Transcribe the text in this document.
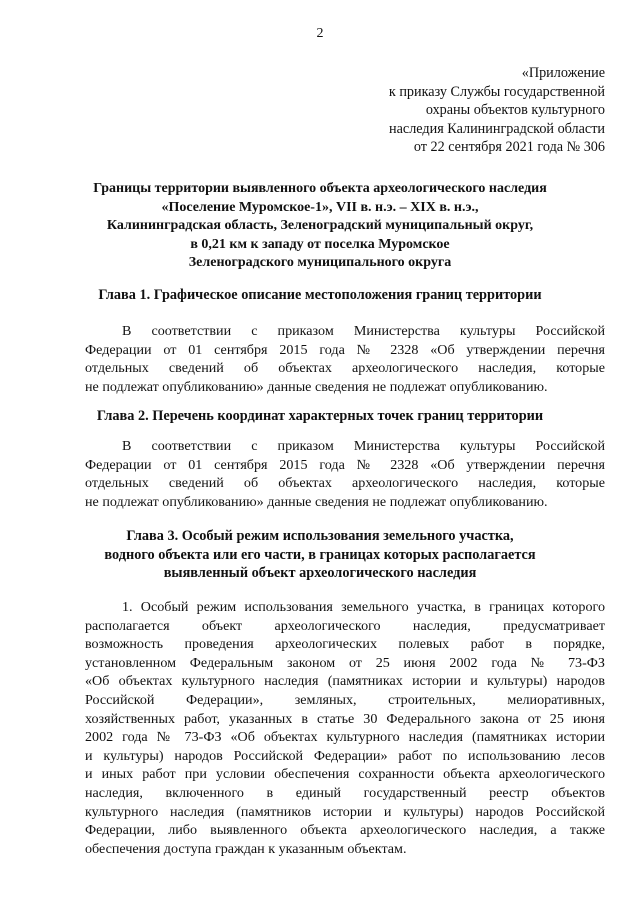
2
«Приложение
к приказу Службы государственной
охраны объектов культурного
наследия Калининградской области
от 22 сентября 2021 года № 306
Границы территории выявленного объекта археологического наследия
«Поселение Муромское-1», VII в. н.э. – XIX в. н.э.,
Калининградская область, Зеленоградский муниципальный округ,
в 0,21 км к западу от поселка Муромское
Зеленоградского муниципального округа
Глава 1. Графическое описание местоположения границ территории
В соответствии с приказом Министерства культуры Российской
Федерации от 01 сентября 2015 года № 2328 «Об утверждении перечня
отдельных сведений об объектах археологического наследия, которые
не подлежат опубликованию» данные сведения не подлежат опубликованию.
Глава 2. Перечень координат характерных точек границ территории
В соответствии с приказом Министерства культуры Российской
Федерации от 01 сентября 2015 года № 2328 «Об утверждении перечня
отдельных сведений об объектах археологического наследия, которые
не подлежат опубликованию» данные сведения не подлежат опубликованию.
Глава 3. Особый режим использования земельного участка,
водного объекта или его части, в границах которых располагается
выявленный объект археологического наследия
1. Особый режим использования земельного участка, в границах которого
располагается объект археологического наследия, предусматривает
возможность проведения археологических полевых работ в порядке,
установленном Федеральным законом от 25 июня 2002 года № 73-ФЗ
«Об объектах культурного наследия (памятниках истории и культуры) народов
Российской Федерации», земляных, строительных, мелиоративных,
хозяйственных работ, указанных в статье 30 Федерального закона от 25 июня
2002 года № 73-ФЗ «Об объектах культурного наследия (памятниках истории
и культуры) народов Российской Федерации» работ по использованию лесов
и иных работ при условии обеспечения сохранности объекта археологического
наследия, включенного в единый государственный реестр объектов
культурного наследия (памятников истории и культуры) народов Российской
Федерации, либо выявленного объекта археологического наследия, а также
обеспечения доступа граждан к указанным объектам.
